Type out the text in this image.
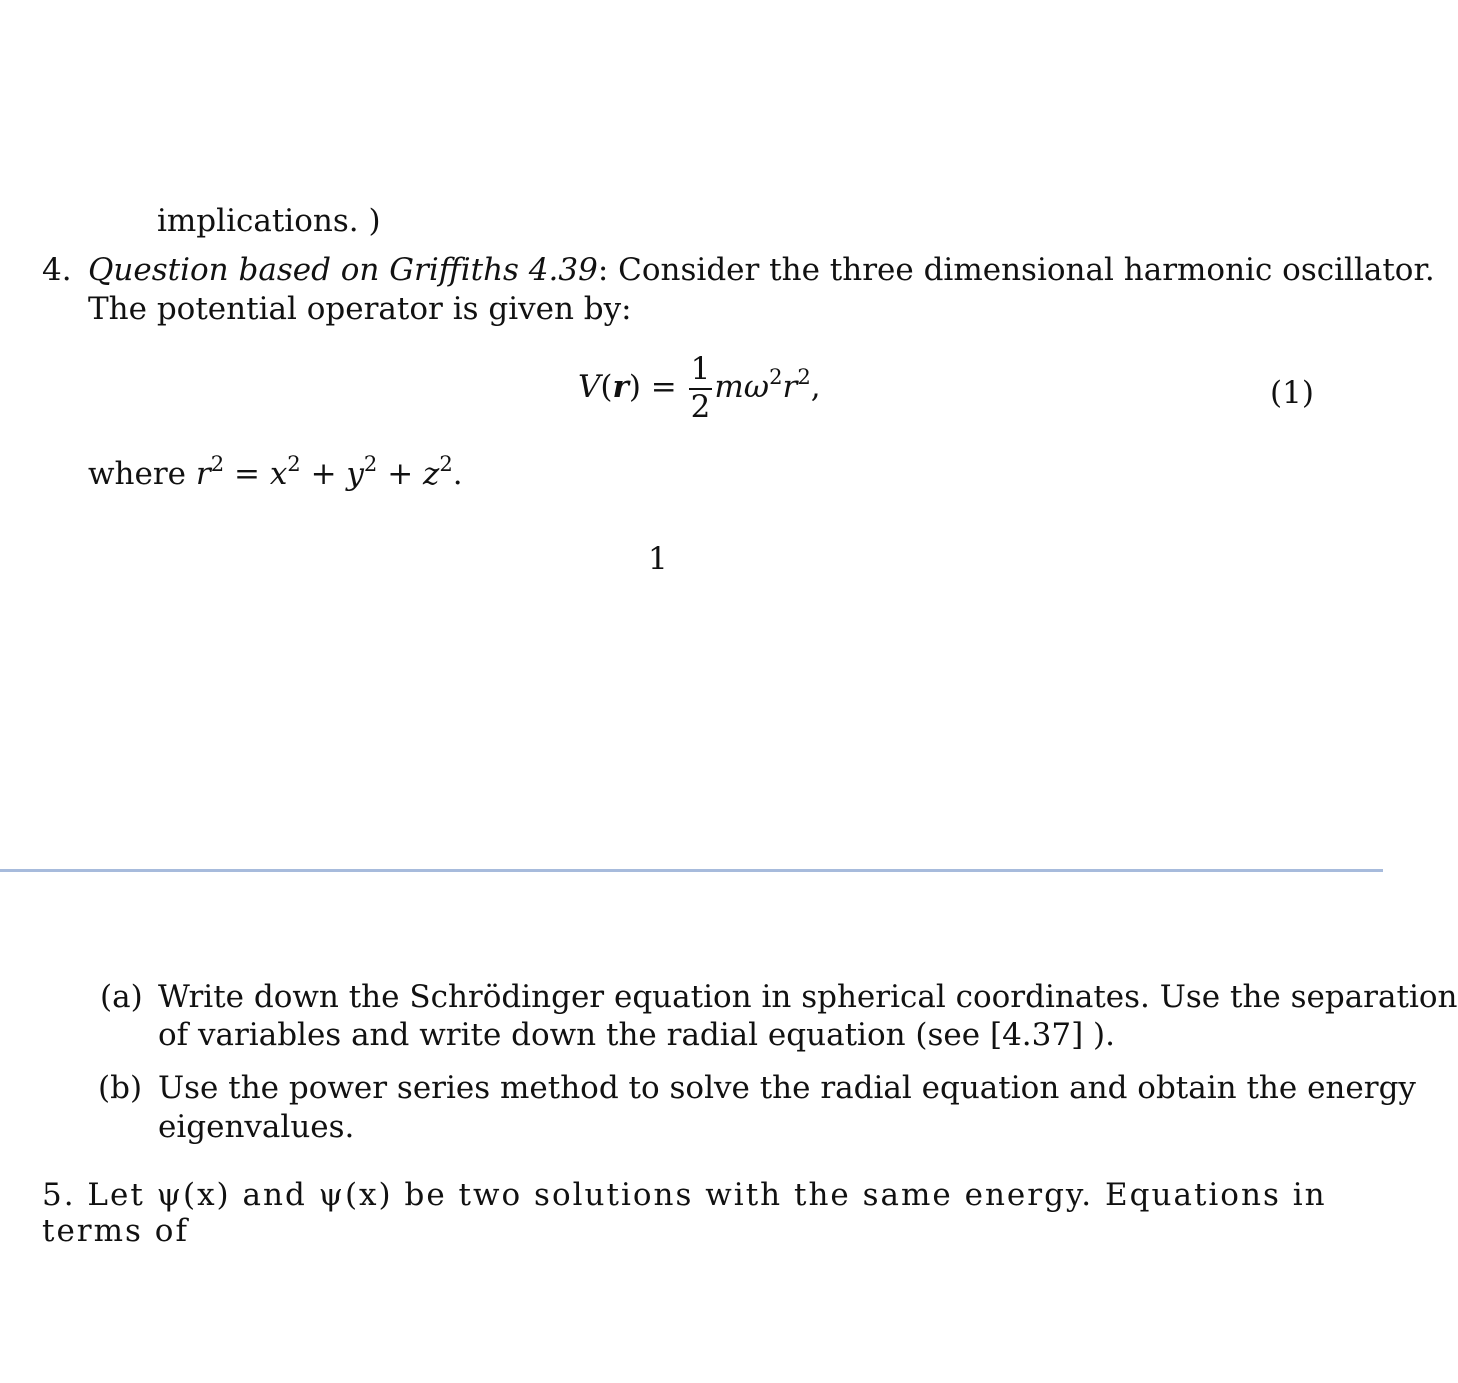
implications. )
4. Question based on Griffiths 4.39: Consider the three dimensional harmonic oscillator.
The potential operator is given by:
$V(r) = \frac{1}{2} m\omega^2r^2$,	(1)
where $r^2 = x^2 + y^2 + z^2$.
1
(a) Write down the Schrödinger equation in spherical coordinates. Use the separation
of variables and write down the radial equation (see [4.37] ).
(b) Use the power series method to solve the radial equation and obtain the energy
eigenvalues.
5. Let ψ(x) and ψ(x) be two solutions with the same energy. Equations in terms of
